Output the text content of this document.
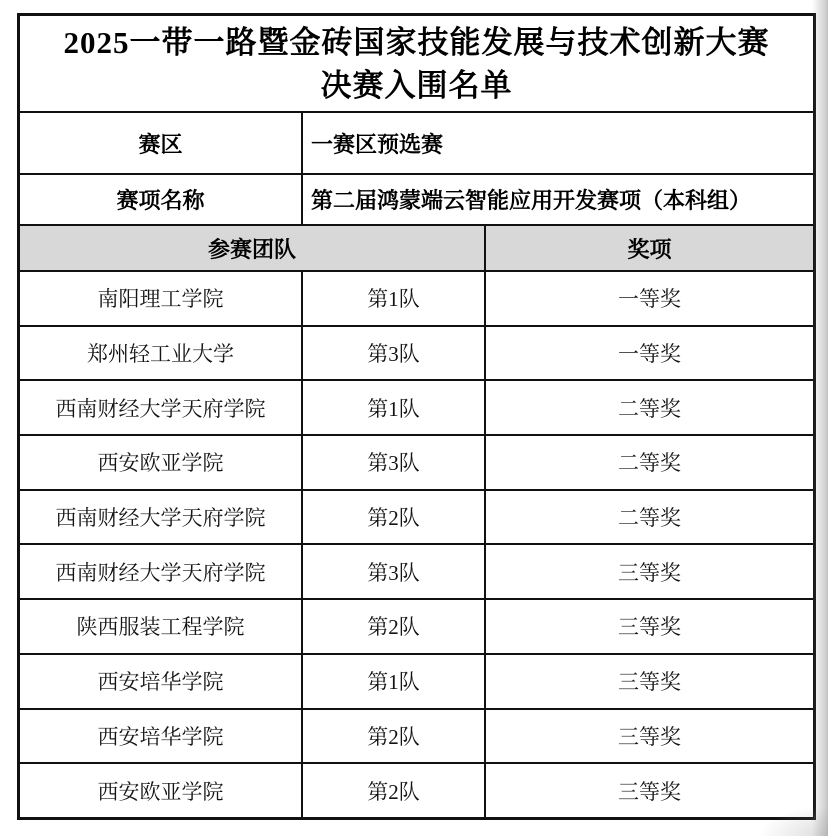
2025一带一路暨金砖国家技能发展与技术创新大赛
决赛入围名单
赛区	一赛区预选赛
赛项名称	第二届鸿蒙端云智能应用开发赛项（本科组）
参赛团队	奖项
南阳理工学院	第1队	一等奖
郑州轻工业大学	第3队	一等奖
西南财经大学天府学院	第1队	二等奖
西安欧亚学院	第3队	二等奖
西南财经大学天府学院	第2队	二等奖
西南财经大学天府学院	第3队	三等奖
陕西服装工程学院	第2队	三等奖
西安培华学院	第1队	三等奖
西安培华学院	第2队	三等奖
西安欧亚学院	第2队	三等奖
